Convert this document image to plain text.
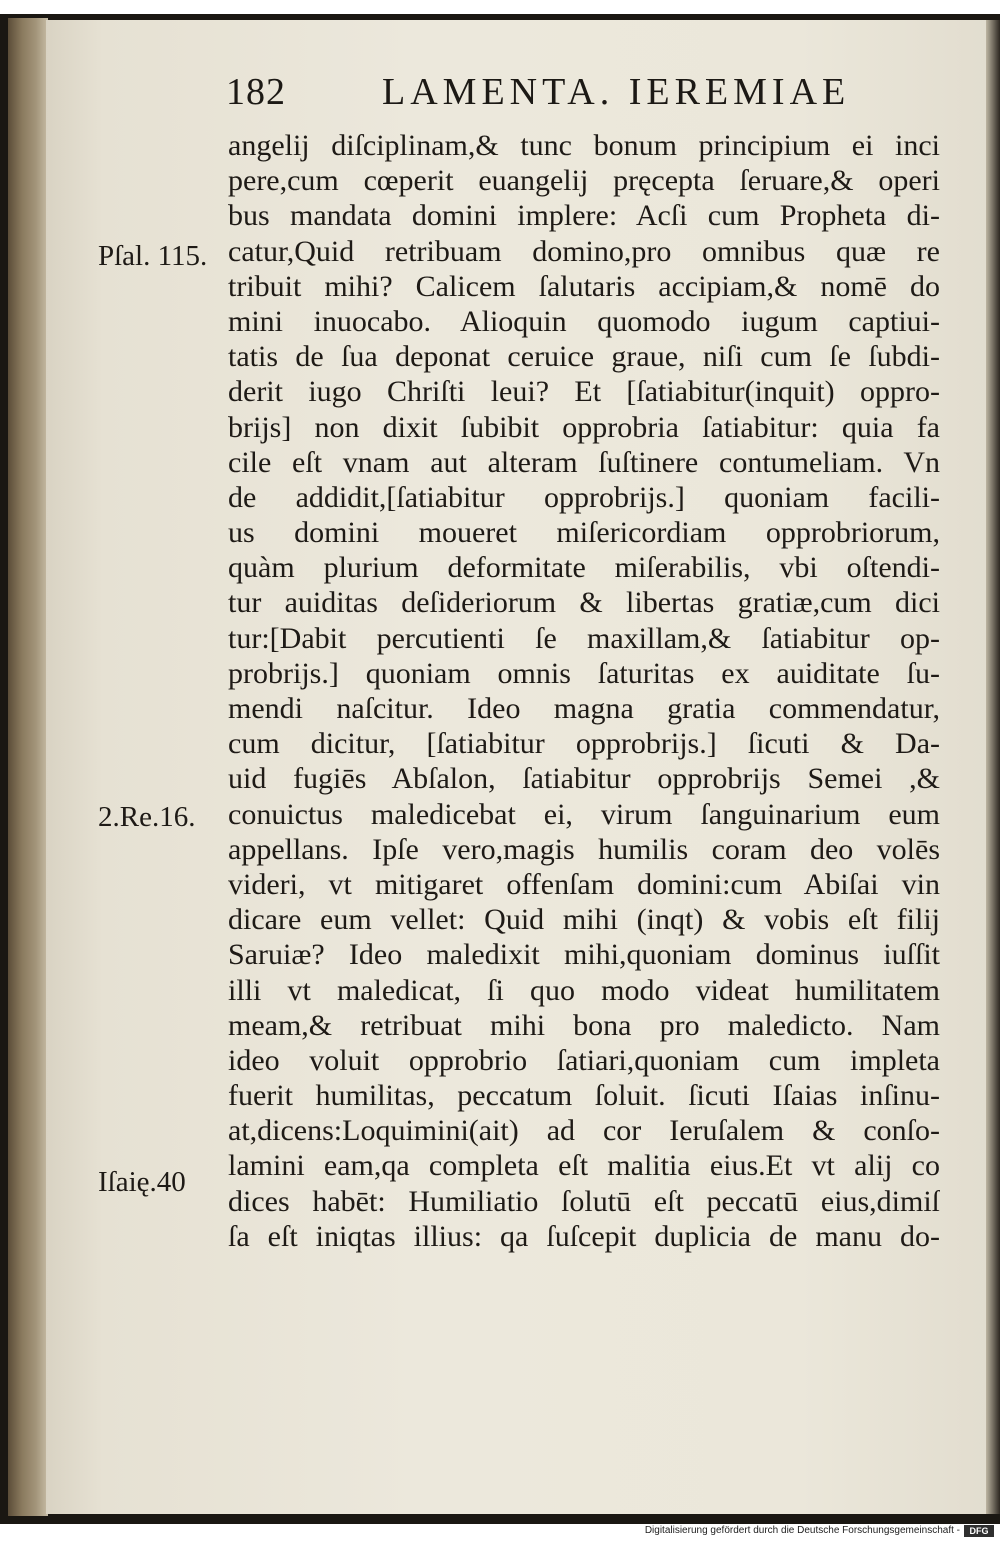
182	LAMENTA. IEREMIAE
angelij diſciplinam,& tunc bonum principium ei inci
pere,cum cœperit euangelij pręcepta ſeruare,& operi
bus mandata domini implere: Acſi cum Propheta di-
catur,Quid retribuam domino,pro omnibus quæ re
tribuit mihi? Calicem ſalutaris accipiam,& nomē do
mini inuocabo. Alioquin quomodo iugum captiui-
tatis de ſua deponat ceruice graue, niſi cum ſe ſubdi-
derit iugo Chriſti leui? Et [ſatiabitur(inquit) oppro-
brijs] non dixit ſubibit opprobria ſatiabitur: quia fa
cile eſt vnam aut alteram ſuſtinere contumeliam. Vn
de addidit,[ſatiabitur opprobrijs.] quoniam facili-
us domini moueret miſericordiam opprobriorum,
quàm plurium deformitate miſerabilis, vbi oſtendi-
tur auiditas deſideriorum & libertas gratiæ,cum dici
tur:[Dabit percutienti ſe maxillam,& ſatiabitur op-
probrijs.] quoniam omnis ſaturitas ex auiditate ſu-
mendi naſcitur. Ideo magna gratia commendatur,
cum dicitur, [ſatiabitur opprobrijs.] ſicuti & Da-
uid fugiēs Abſalon, ſatiabitur opprobrijs Semei ,&
conuictus maledicebat ei, virum ſanguinarium eum
appellans. Ipſe vero,magis humilis coram deo volēs
videri, vt mitigaret offenſam domini:cum Abiſai vin
dicare eum vellet: Quid mihi (inqt) & vobis eſt filij
Saruiæ? Ideo maledixit mihi,quoniam dominus iuſſit
illi vt maledicat, ſi quo modo videat humilitatem
meam,& retribuat mihi bona pro maledicto. Nam
ideo voluit opprobrio ſatiari,quoniam cum impleta
fuerit humilitas, peccatum ſoluit. ſicuti Iſaias inſinu-
at,dicens:Loquimini(ait) ad cor Ieruſalem & conſo-
lamini eam,qa completa eſt malitia eius.Et vt alij co
dices habēt: Humiliatio ſolutū eſt peccatū eius,dimiſ
ſa eſt iniqtas illius: qa ſuſcepit duplicia de manu do-
Pſal. 115.
2.Re.16.
Iſaię.40
Digitalisierung gefördert durch die Deutsche Forschungsgemeinschaft -	DFG
